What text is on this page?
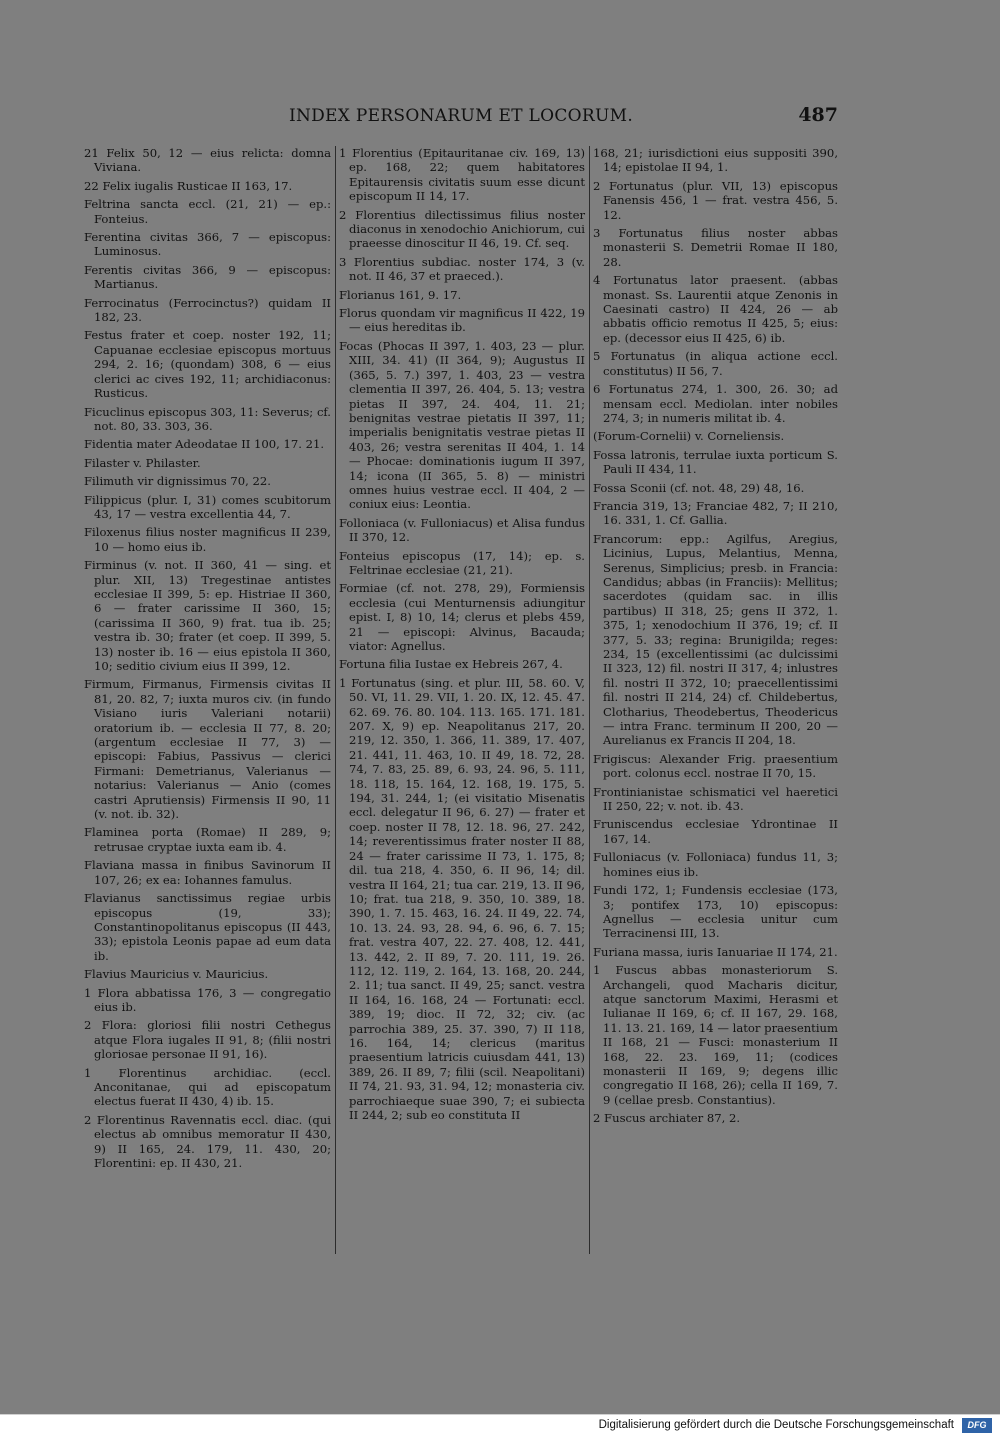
INDEX PERSONARUM ET LOCORUM.	487

21 Felix 50, 12 — eius relicta: domna Viviana.

22 Felix iugalis Rusticae II 163, 17.

Feltrina sancta eccl. (21, 21) — ep.: Fonteius.

Ferentina civitas 366, 7 — episcopus: Luminosus.

Ferentis civitas 366, 9 — episcopus: Martianus.

Ferrocinatus (Ferrocinctus?) quidam II 182, 23.

Festus frater et coep. noster 192, 11; Capuanae ecclesiae episcopus mortuus 294, 2. 16; (quondam) 308, 6 — eius clerici ac cives 192, 11; archidiaconus: Rusticus.

Ficuclinus episcopus 303, 11: Severus; cf. not. 80, 33. 303, 36.

Fidentia mater Adeodatae II 100, 17. 21.

Filaster v. Philaster.

Filimuth vir dignissimus 70, 22.

Filippicus (plur. I, 31) comes scubitorum 43, 17 — vestra excellentia 44, 7.

Filoxenus filius noster magnificus II 239, 10 — homo eius ib.

Firminus (v. not. II 360, 41 — sing. et plur. XII, 13) Tregestinae antistes ecclesiae II 399, 5: ep. Histriae II 360, 6 — frater carissime II 360, 15; (carissima II 360, 9) frat. tua ib. 25; vestra ib. 30; frater (et coep. II 399, 5. 13) noster ib. 16 — eius epistola II 360, 10; seditio civium eius II 399, 12.

Firmum, Firmanus, Firmensis civitas II 81, 20. 82, 7; iuxta muros civ. (in fundo Visiano iuris Valeriani notarii) oratorium ib. — ecclesia II 77, 8. 20; (argentum ecclesiae II 77, 3) — episcopi: Fabius, Passivus — clerici Firmani: Demetrianus, Valerianus — notarius: Valerianus — Anio (comes castri Aprutiensis) Firmensis II 90, 11 (v. not. ib. 32).

Flaminea porta (Romae) II 289, 9; retrusae cryptae iuxta eam ib. 4.

Flaviana massa in finibus Savinorum II 107, 26; ex ea: Iohannes famulus.

Flavianus sanctissimus regiae urbis episcopus (19, 33); Constantinopolitanus episcopus (II 443, 33); epistola Leonis papae ad eum data ib.

Flavius Mauricius v. Mauricius.

1 Flora abbatissa 176, 3 — congregatio eius ib.

2 Flora: gloriosi filii nostri Cethegus atque Flora iugales II 91, 8; (filii nostri gloriosae personae II 91, 16).

1 Florentinus archidiac. (eccl. Anconitanae, qui ad episcopatum electus fuerat II 430, 4) ib. 15.

2 Florentinus Ravennatis eccl. diac. (qui electus ab omnibus memoratur II 430, 9) II 165, 24. 179, 11. 430, 20; Florentini: ep. II 430, 21.

1 Florentius (Epitauritanae civ. 169, 13) ep. 168, 22; quem habitatores Epitaurensis civitatis suum esse dicunt episcopum II 14, 17.

2 Florentius dilectissimus filius noster diaconus in xenodochio Anichiorum, cui praeesse dinoscitur II 46, 19. Cf. seq.

3 Florentius subdiac. noster 174, 3 (v. not. II 46, 37 et praeced.).

Florianus 161, 9. 17.

Florus quondam vir magnificus II 422, 19 — eius hereditas ib.

Focas (Phocas II 397, 1. 403, 23 — plur. XIII, 34. 41) (II 364, 9); Augustus II (365, 5. 7.) 397, 1. 403, 23 — vestra clementia II 397, 26. 404, 5. 13; vestra pietas II 397, 24. 404, 11. 21; benignitas vestrae pietatis II 397, 11; imperialis benignitatis vestrae pietas II 403, 26; vestra serenitas II 404, 1. 14 — Phocae: dominationis iugum II 397, 14; icona (II 365, 5. 8) — ministri omnes huius vestrae eccl. II 404, 2 — coniux eius: Leontia.

Folloniaca (v. Fulloniacus) et Alisa fundus II 370, 12.

Fonteius episcopus (17, 14); ep. s. Feltrinae ecclesiae (21, 21).

Formiae (cf. not. 278, 29), Formiensis ecclesia (cui Menturnensis adiungitur epist. I, 8) 10, 14; clerus et plebs 459, 21 — episcopi: Alvinus, Bacauda; viator: Agnellus.

Fortuna filia Iustae ex Hebreis 267, 4.

1 Fortunatus (sing. et plur. III, 58. 60. V, 50. VI, 11. 29. VII, 1. 20. IX, 12. 45. 47. 62. 69. 76. 80. 104. 113. 165. 171. 181. 207. X, 9) ep. Neapolitanus 217, 20. 219, 12. 350, 1. 366, 11. 389, 17. 407, 21. 441, 11. 463, 10. II 49, 18. 72, 28. 74, 7. 83, 25. 89, 6. 93, 24. 96, 5. 111, 18. 118, 15. 164, 12. 168, 19. 175, 5. 194, 31. 244, 1; (ei visitatio Misenatis eccl. delegatur II 96, 6. 27) — frater et coep. noster II 78, 12. 18. 96, 27. 242, 14; reverentissimus frater noster II 88, 24 — frater carissime II 73, 1. 175, 8; dil. tua 218, 4. 350, 6. II 96, 14; dil. vestra II 164, 21; tua car. 219, 13. II 96, 10; frat. tua 218, 9. 350, 10. 389, 18. 390, 1. 7. 15. 463, 16. 24. II 49, 22. 74, 10. 13. 24. 93, 28. 94, 6. 96, 6. 7. 15; frat. vestra 407, 22. 27. 408, 12. 441, 13. 442, 2. II 89, 7. 20. 111, 19. 26. 112, 12. 119, 2. 164, 13. 168, 20. 244, 2. 11; tua sanct. II 49, 25; sanct. vestra II 164, 16. 168, 24 — Fortunati: eccl. 389, 19; dioc. II 72, 32; civ. (ac parrochia 389, 25. 37. 390, 7) II 118, 16. 164, 14; clericus (maritus praesentium latricis cuiusdam 441, 13) 389, 26. II 89, 7; filii (scil. Neapolitani) II 74, 21. 93, 31. 94, 12; monasteria civ. parrochiaeque suae 390, 7; ei subiecta II 244, 2; sub eo constituta II

168, 21; iurisdictioni eius suppositi 390, 14; epistolae II 94, 1.

2 Fortunatus (plur. VII, 13) episcopus Fanensis 456, 1 — frat. vestra 456, 5. 12.

3 Fortunatus filius noster abbas monasterii S. Demetrii Romae II 180, 28.

4 Fortunatus lator praesent. (abbas monast. Ss. Laurentii atque Zenonis in Caesinati castro) II 424, 26 — ab abbatis officio remotus II 425, 5; eius: ep. (decessor eius II 425, 6) ib.

5 Fortunatus (in aliqua actione eccl. constitutus) II 56, 7.

6 Fortunatus 274, 1. 300, 26. 30; ad mensam eccl. Mediolan. inter nobiles 274, 3; in numeris militat ib. 4.

(Forum-Cornelii) v. Corneliensis.

Fossa latronis, terrulae iuxta porticum S. Pauli II 434, 11.

Fossa Sconii (cf. not. 48, 29) 48, 16.

Francia 319, 13; Franciae 482, 7; II 210, 16. 331, 1. Cf. Gallia.

Francorum: epp.: Agilfus, Aregius, Licinius, Lupus, Melantius, Menna, Serenus, Simplicius; presb. in Francia: Candidus; abbas (in Franciis): Mellitus; sacerdotes (quidam sac. in illis partibus) II 318, 25; gens II 372, 1. 375, 1; xenodochium II 376, 19; cf. II 377, 5. 33; regina: Brunigilda; reges: 234, 15 (excellentissimi (ac dulcissimi II 323, 12) fil. nostri II 317, 4; inlustres fil. nostri II 372, 10; praecellentissimi fil. nostri II 214, 24) cf. Childebertus, Clotharius, Theodebertus, Theodericus — intra Franc. terminum II 200, 20 — Aurelianus ex Francis II 204, 18.

Frigiscus: Alexander Frig. praesentium port. colonus eccl. nostrae II 70, 15.

Frontinianistae schismatici vel haeretici II 250, 22; v. not. ib. 43.

Fruniscendus ecclesiae Ydrontinae II 167, 14.

Fulloniacus (v. Folloniaca) fundus 11, 3; homines eius ib.

Fundi 172, 1; Fundensis ecclesiae (173, 3; pontifex 173, 10) episcopus: Agnellus — ecclesia unitur cum Terracinensi III, 13.

Furiana massa, iuris Ianuariae II 174, 21.

1 Fuscus abbas monasteriorum S. Archangeli, quod Macharis dicitur, atque sanctorum Maximi, Herasmi et Iulianae II 169, 6; cf. II 167, 29. 168, 11. 13. 21. 169, 14 — lator praesentium II 168, 21 — Fusci: monasterium II 168, 22. 23. 169, 11; (codices monasterii II 169, 9; degens illic congregatio II 168, 26); cella II 169, 7. 9 (cellae presb. Constantius).

2 Fuscus archiater 87, 2.

Digitalisierung gefördert durch die Deutsche Forschungsgemeinschaft	DFG
